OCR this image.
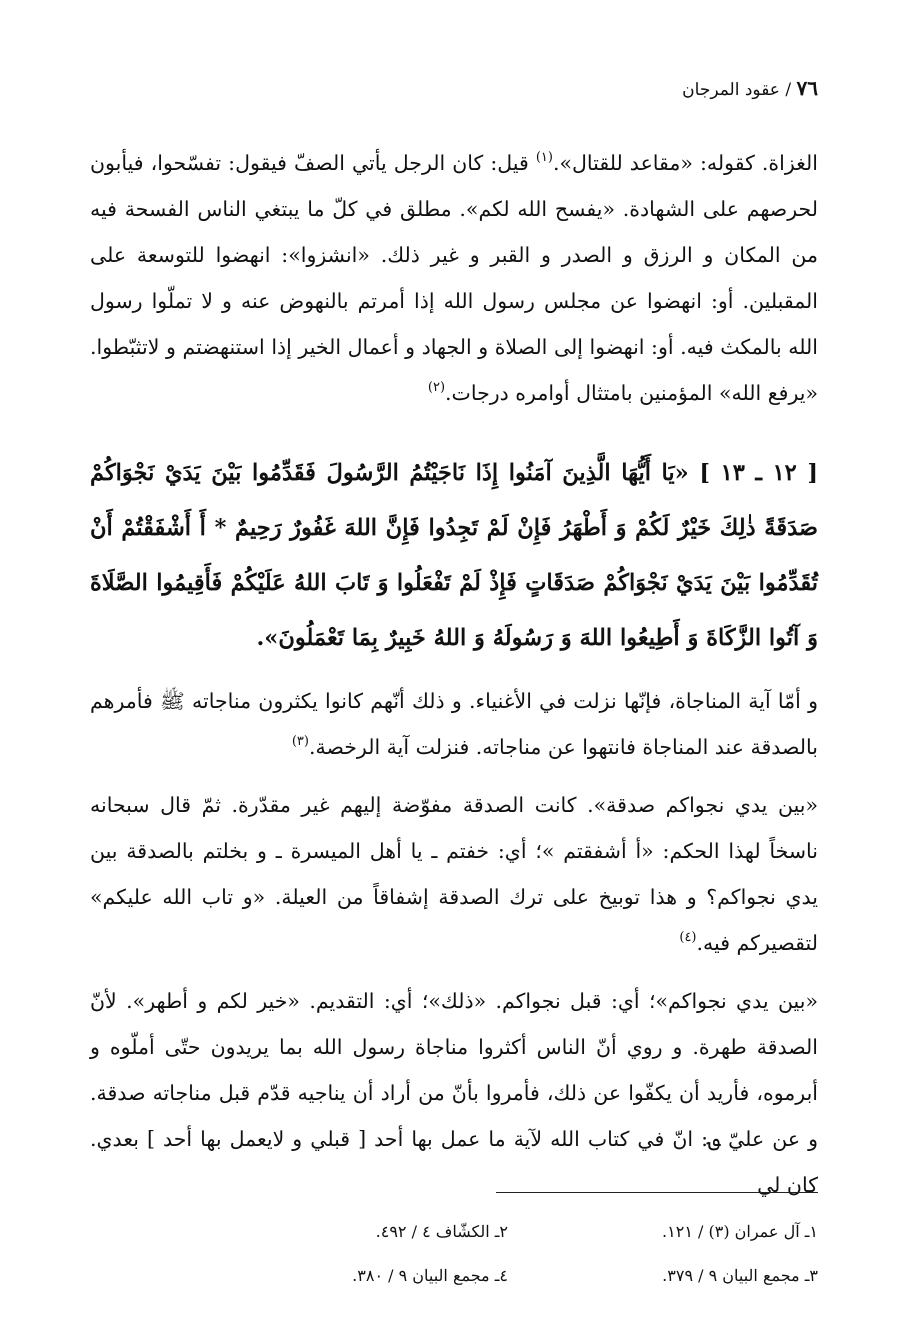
٧٦ / عقود المرجان

الغزاة. كقوله: «مقاعد للقتال».$^{(١)}$ قيل: كان الرجل يأتي الصفّ فيقول: تفسّحوا، فيأبون لحرصهم على الشهادة. «يفسح الله لكم». مطلق في كلّ ما يبتغي الناس الفسحة فيه من المكان و الرزق و الصدر و القبر و غير ذلك. «انشزوا»: انهضوا للتوسعة على المقبلين. أو: انهضوا عن مجلس رسول الله إذا أمرتم بالنهوض عنه و لا تملّوا رسول الله بالمكث فيه. أو: انهضوا إلى الصلاة و الجهاد و أعمال الخير إذا استنهضتم و لاتثبّطوا. «يرفع الله» المؤمنين بامتثال أوامره درجات.$^{(٢)}$

[ ١٢ ـ ١٣ ] «يَا أَيُّهَا الَّذِينَ آمَنُوا إِذَا نَاجَيْتُمُ الرَّسُولَ فَقَدِّمُوا بَيْنَ يَدَيْ نَجْوَاكُمْ صَدَقَةً ذٰلِكَ خَيْرٌ لَكُمْ وَ أَطْهَرُ فَإِنْ لَمْ تَجِدُوا فَإِنَّ اللهَ غَفُورٌ رَحِيمٌ * أَ أَشْفَقْتُمْ أَنْ تُقَدِّمُوا بَيْنَ يَدَيْ نَجْوَاكُمْ صَدَقَاتٍ فَإِذْ لَمْ تَفْعَلُوا وَ تَابَ اللهُ عَلَيْكُمْ فَأَقِيمُوا الصَّلَاةَ وَ آتُوا الزَّكَاةَ وَ أَطِيعُوا اللهَ وَ رَسُولَهُ وَ اللهُ خَبِيرٌ بِمَا تَعْمَلُونَ».

و أمّا آية المناجاة، فإنّها نزلت في الأغنياء. و ذلك أنّهم كانوا يكثرون مناجاته ﷺ فأمرهم بالصدقة عند المناجاة فانتهوا عن مناجاته. فنزلت آية الرخصة.$^{(٣)}$

«بين يدي نجواكم صدقة». كانت الصدقة مفوّضة إليهم غير مقدّرة. ثمّ قال سبحانه ناسخاً لهذا الحكم: «أ أشفقتم »؛ أي: خفتم ـ يا أهل الميسرة ـ و بخلتم بالصدقة بين يدي نجواكم؟ و هذا توبيخ على ترك الصدقة إشفاقاً من العيلة. «و تاب الله عليكم» لتقصيركم فيه.$^{(٤)}$

«بين يدي نجواكم»؛ أي: قبل نجواكم. «ذلك»؛ أي: التقديم. «خير لكم و أطهر». لأنّ الصدقة طهرة. و روي أنّ الناس أكثروا مناجاة رسول الله بما يريدون حتّى أملّوه و أبرموه، فأريد أن يكفّوا عن ذلك، فأمروا بأنّ من أراد أن يناجيه قدّم قبل مناجاته صدقة. و عن عليّ ؈: انّ في كتاب الله لآية ما عمل بها أحد [ قبلي و لايعمل بها أحد ] بعدي. كان لي

١ـ آل عمران (٣) / ١٢١.
٢ـ الكشّاف ٤ / ٤٩٢.
٣ـ مجمع البيان ٩ / ٣٧٩.
٤ـ مجمع البيان ٩ / ٣٨٠.
